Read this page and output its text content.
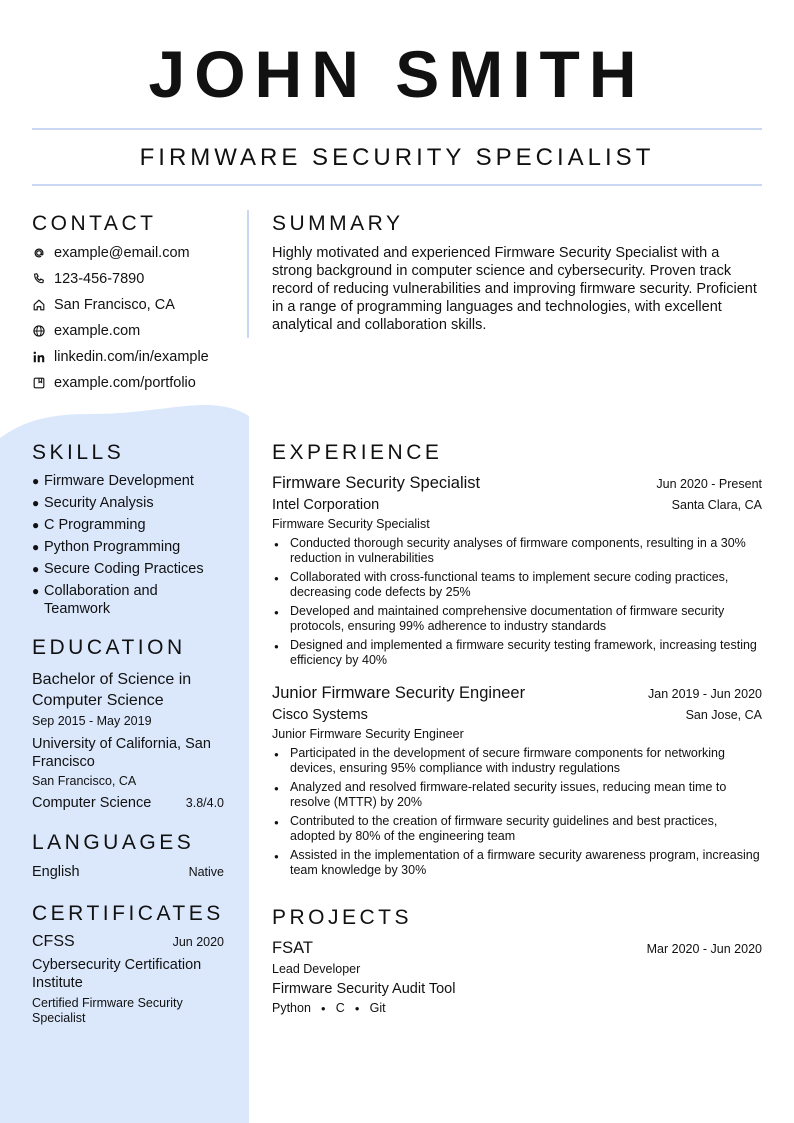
JOHN SMITH
FIRMWARE SECURITY SPECIALIST
CONTACT
example@email.com
123-456-7890
San Francisco, CA
example.com
linkedin.com/in/example
example.com/portfolio
SKILLS
● Firmware Development
● Security Analysis
● C Programming
● Python Programming
● Secure Coding Practices
● Collaboration and Teamwork
EDUCATION
Bachelor of Science in Computer Science
Sep 2015 - May 2019
University of California, San Francisco
San Francisco, CA
Computer Science	3.8/4.0
LANGUAGES
English	Native
CERTIFICATES
CFSS	Jun 2020
Cybersecurity Certification Institute
Certified Firmware Security Specialist
SUMMARY
Highly motivated and experienced Firmware Security Specialist with a strong background in computer science and cybersecurity. Proven track record of reducing vulnerabilities and improving firmware security. Proficient in a range of programming languages and technologies, with excellent analytical and collaboration skills.
EXPERIENCE
Firmware Security Specialist	Jun 2020 - Present
Intel Corporation	Santa Clara, CA
Firmware Security Specialist
● Conducted thorough security analyses of firmware components, resulting in a 30% reduction in vulnerabilities
● Collaborated with cross-functional teams to implement secure coding practices, decreasing code defects by 25%
● Developed and maintained comprehensive documentation of firmware security protocols, ensuring 99% adherence to industry standards
● Designed and implemented a firmware security testing framework, increasing testing efficiency by 40%
Junior Firmware Security Engineer	Jan 2019 - Jun 2020
Cisco Systems	San Jose, CA
Junior Firmware Security Engineer
● Participated in the development of secure firmware components for networking devices, ensuring 95% compliance with industry regulations
● Analyzed and resolved firmware-related security issues, reducing mean time to resolve (MTTR) by 20%
● Contributed to the creation of firmware security guidelines and best practices, adopted by 80% of the engineering team
● Assisted in the implementation of a firmware security awareness program, increasing team knowledge by 30%
PROJECTS
FSAT	Mar 2020 - Jun 2020
Lead Developer
Firmware Security Audit Tool
Python ● C ● Git
